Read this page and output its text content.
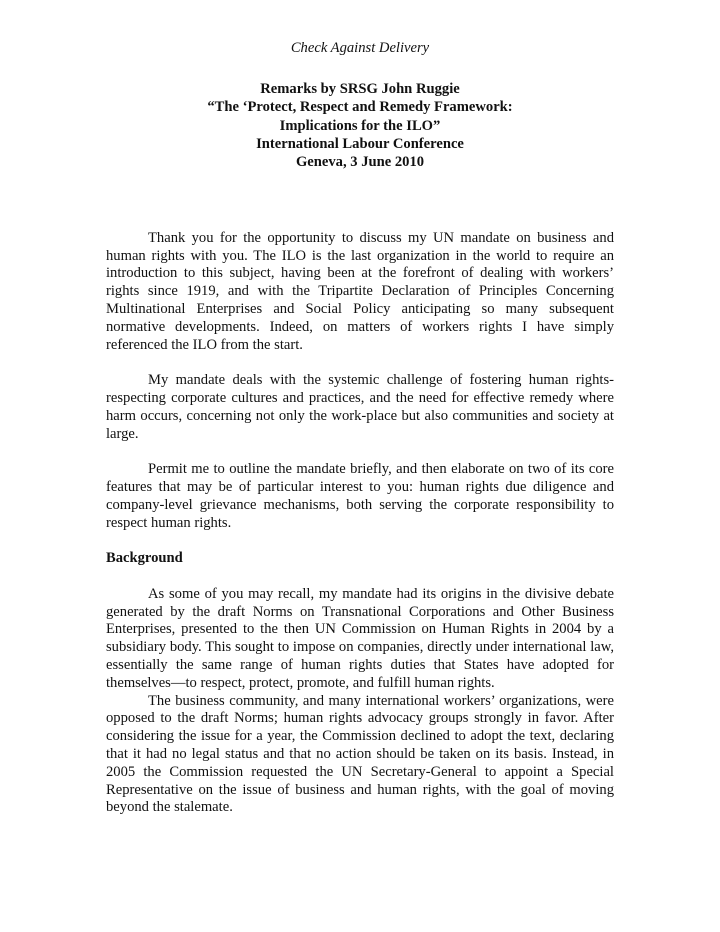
Check Against Delivery
Remarks by SRSG John Ruggie
“The ‘Protect, Respect and Remedy Framework:
Implications for the ILO”
International Labour Conference
Geneva, 3 June 2010

Thank you for the opportunity to discuss my UN mandate on business and human rights with you. The ILO is the last organization in the world to require an introduction to this subject, having been at the forefront of dealing with workers’ rights since 1919, and with the Tripartite Declaration of Principles Concerning Multinational Enterprises and Social Policy anticipating so many subsequent normative developments. Indeed, on matters of workers rights I have simply referenced the ILO from the start.

My mandate deals with the systemic challenge of fostering human rights-respecting corporate cultures and practices, and the need for effective remedy where harm occurs, concerning not only the work-place but also communities and society at large.

Permit me to outline the mandate briefly, and then elaborate on two of its core features that may be of particular interest to you: human rights due diligence and company-level grievance mechanisms, both serving the corporate responsibility to respect human rights.

Background

As some of you may recall, my mandate had its origins in the divisive debate generated by the draft Norms on Transnational Corporations and Other Business Enterprises, presented to the then UN Commission on Human Rights in 2004 by a subsidiary body. This sought to impose on companies, directly under international law, essentially the same range of human rights duties that States have adopted for themselves—to respect, protect, promote, and fulfill human rights.

The business community, and many international workers’ organizations, were opposed to the draft Norms; human rights advocacy groups strongly in favor. After considering the issue for a year, the Commission declined to adopt the text, declaring that it had no legal status and that no action should be taken on its basis. Instead, in 2005 the Commission requested the UN Secretary-General to appoint a Special Representative on the issue of business and human rights, with the goal of moving beyond the stalemate.
